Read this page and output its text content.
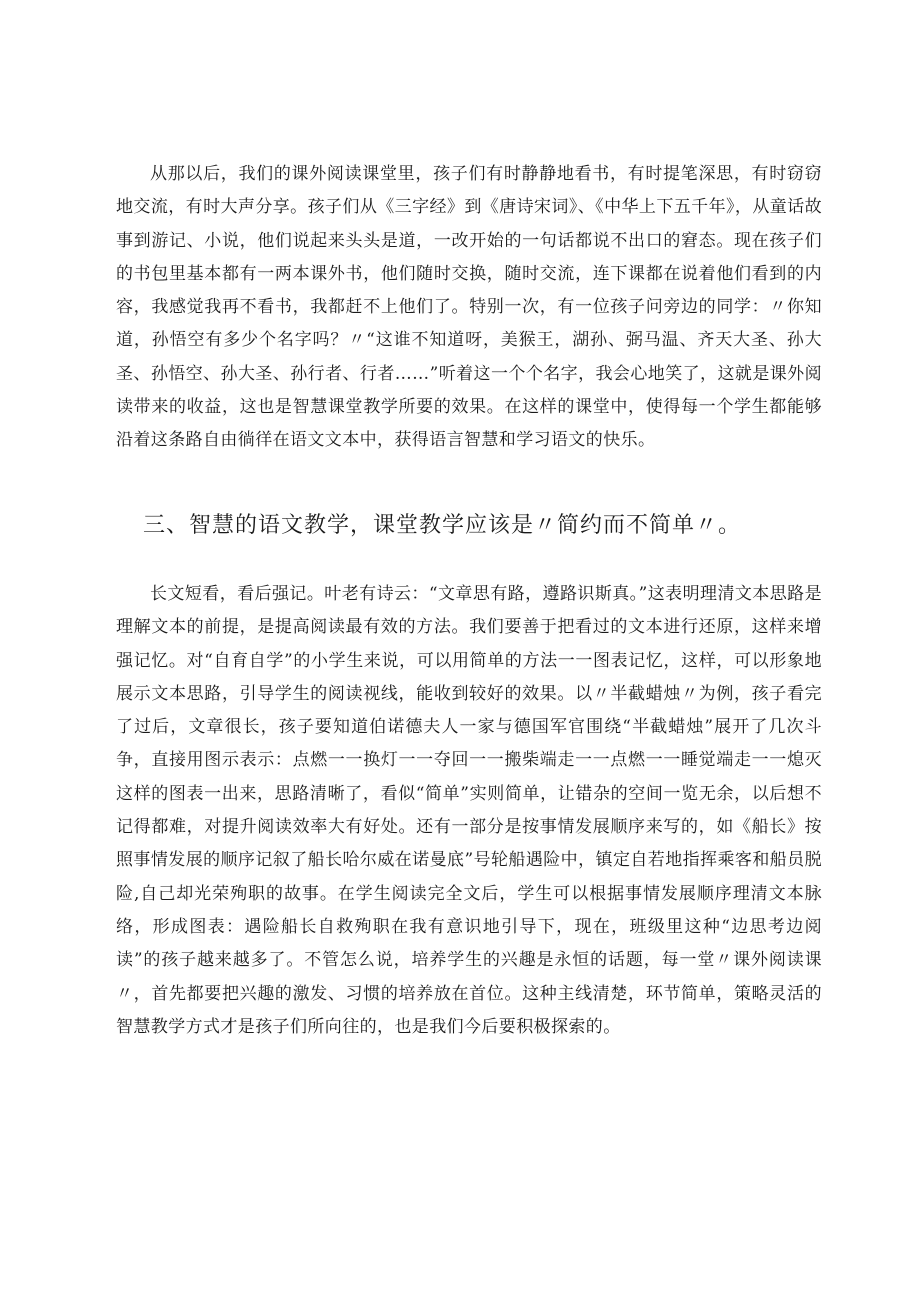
从那以后，我们的课外阅读课堂里，孩子们有时静静地看书，有时提笔深思，有时窃窃地交流，有时大声分享。孩子们从《三字经》到《唐诗宋词》、《中华上下五千年》，从童话故事到游记、小说，他们说起来头头是道，一改开始的一句话都说不出口的窘态。现在孩子们的书包里基本都有一两本课外书，他们随时交换，随时交流，连下课都在说着他们看到的内容，我感觉我再不看书，我都赶不上他们了。特别一次，有一位孩子问旁边的同学：〃你知道，孙悟空有多少个名字吗？〃“这谁不知道呀，美猴王，湖孙、弼马温、齐天大圣、孙大圣、孙悟空、孙大圣、孙行者、行者……”听着这一个个名字，我会心地笑了，这就是课外阅读带来的收益，这也是智慧课堂教学所要的效果。在这样的课堂中，使得每一个学生都能够沿着这条路自由徜徉在语文文本中，获得语言智慧和学习语文的快乐。

三、智慧的语文教学，课堂教学应该是〃简约而不简单〃。

长文短看，看后强记。叶老有诗云：“文章思有路，遵路识斯真。”这表明理清文本思路是理解文本的前提，是提高阅读最有效的方法。我们要善于把看过的文本进行还原，这样来增强记忆。对“自育自学”的小学生来说，可以用简单的方法一一图表记忆，这样，可以形象地展示文本思路，引导学生的阅读视线，能收到较好的效果。以〃半截蜡烛〃为例，孩子看完了过后，文章很长，孩子要知道伯诺德夫人一家与德国军官围绕“半截蜡烛”展开了几次斗争，直接用图示表示：点燃一一换灯一一夺回一一搬柴端走一一点燃一一睡觉端走一一熄灭这样的图表一出来，思路清晰了，看似“简单”实则简单，让错杂的空间一览无余，以后想不记得都难，对提升阅读效率大有好处。还有一部分是按事情发展顺序来写的，如《船长》按照事情发展的顺序记叙了船长哈尔威在诺曼底”号轮船遇险中，镇定自若地指挥乘客和船员脱险,自己却光荣殉职的故事。在学生阅读完全文后，学生可以根据事情发展顺序理清文本脉络，形成图表：遇险船长自救殉职在我有意识地引导下，现在，班级里这种“边思考边阅读”的孩子越来越多了。不管怎么说，培养学生的兴趣是永恒的话题，每一堂〃课外阅读课〃，首先都要把兴趣的激发、习惯的培养放在首位。这种主线清楚，环节简单，策略灵活的智慧教学方式才是孩子们所向往的，也是我们今后要积极探索的。
